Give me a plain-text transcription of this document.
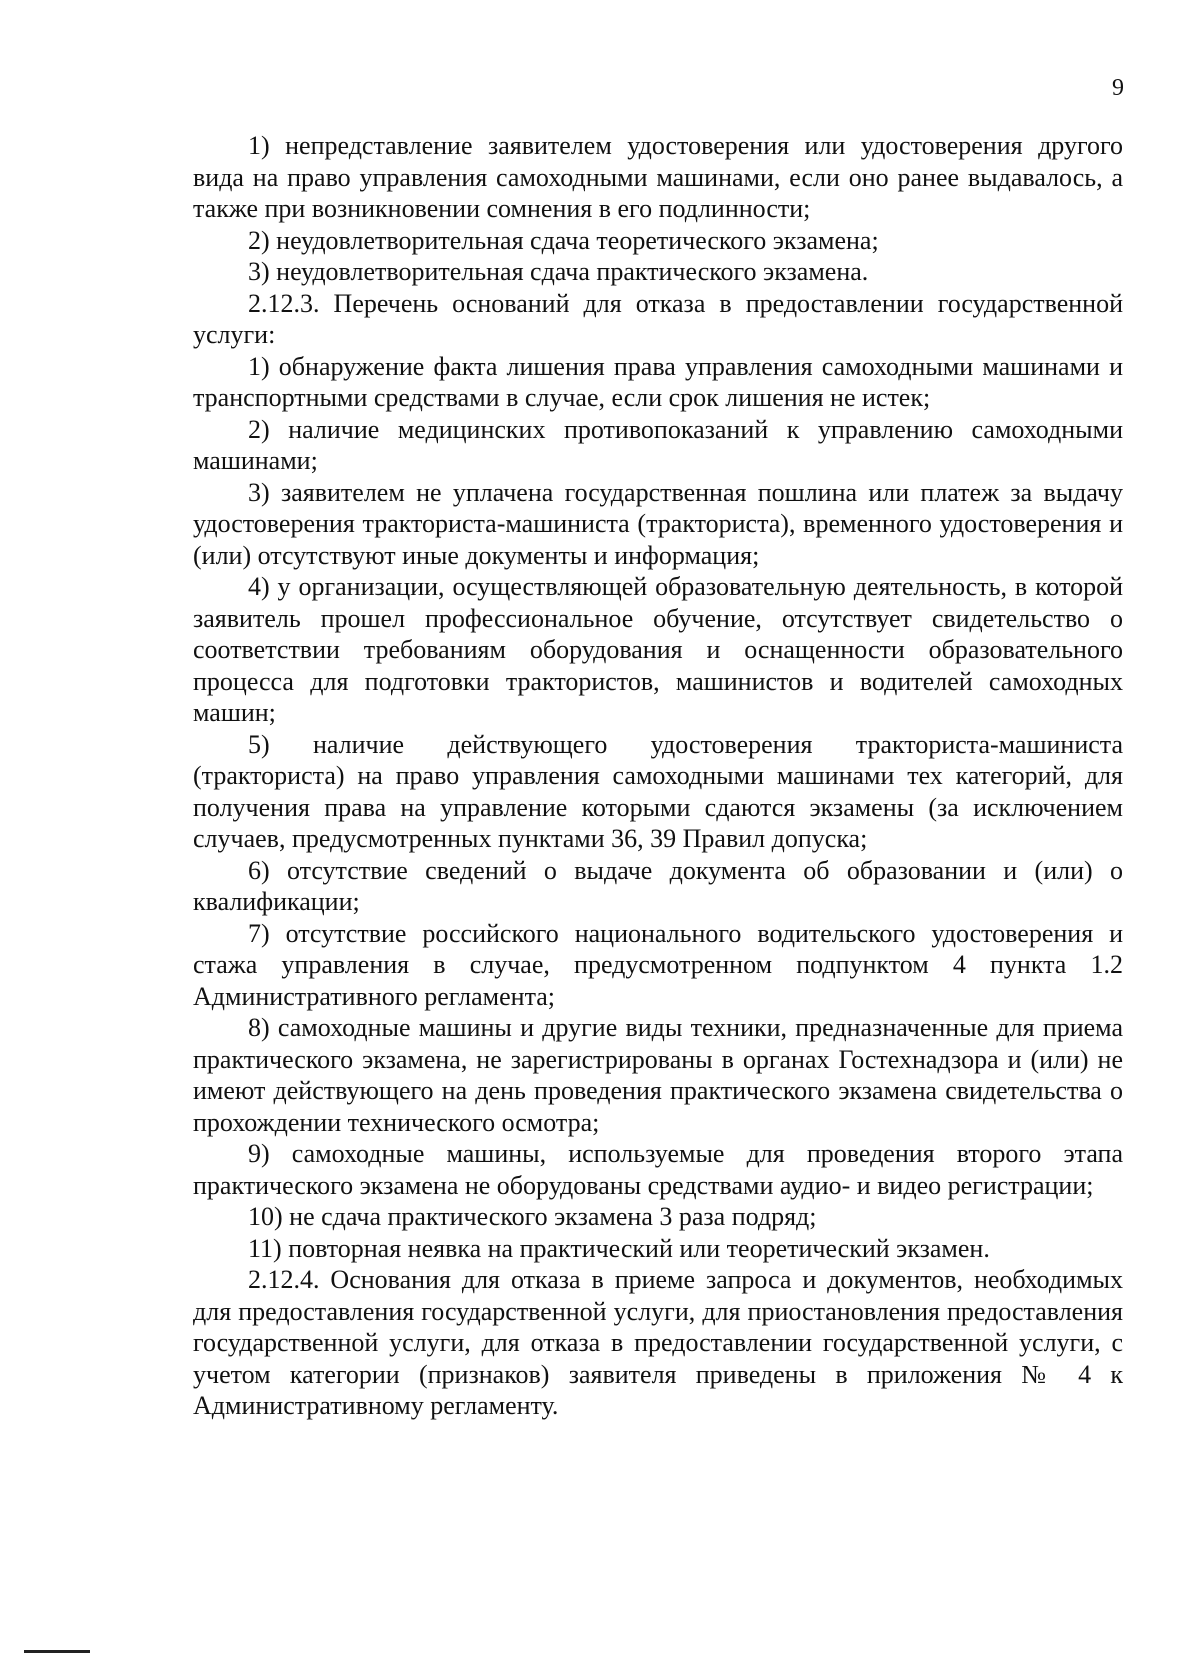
9

1) непредставление заявителем удостоверения или удостоверения другого вида на право управления самоходными машинами, если оно ранее выдавалось, а также при возникновении сомнения в его подлинности;

2) неудовлетворительная сдача теоретического экзамена;

3) неудовлетворительная сдача практического экзамена.

2.12.3. Перечень оснований для отказа в предоставлении государственной услуги:

1) обнаружение факта лишения права управления самоходными машинами и транспортными средствами в случае, если срок лишения не истек;

2) наличие медицинских противопоказаний к управлению самоходными машинами;

3) заявителем не уплачена государственная пошлина или платеж за выдачу удостоверения тракториста-машиниста (тракториста), временного удостоверения и (или) отсутствуют иные документы и информация;

4) у организации, осуществляющей образовательную деятельность, в которой заявитель прошел профессиональное обучение, отсутствует свидетельство о соответствии требованиям оборудования и оснащенности образовательного процесса для подготовки трактористов, машинистов и водителей самоходных машин;

5) наличие действующего удостоверения тракториста-машиниста (тракториста) на право управления самоходными машинами тех категорий, для получения права на управление которыми сдаются экзамены (за исключением случаев, предусмотренных пунктами 36, 39 Правил допуска;

6) отсутствие сведений о выдаче документа об образовании и (или) о квалификации;

7) отсутствие российского национального водительского удостоверения и стажа управления в случае, предусмотренном подпунктом 4 пункта 1.2 Административного регламента;

8) самоходные машины и другие виды техники, предназначенные для приема практического экзамена, не зарегистрированы в органах Гостехнадзора и (или) не имеют действующего на день проведения практического экзамена свидетельства о прохождении технического осмотра;

9) самоходные машины, используемые для проведения второго этапа практического экзамена не оборудованы средствами аудио- и видео регистрации;

10) не сдача практического экзамена 3 раза подряд;

11) повторная неявка на практический или теоретический экзамен.

2.12.4. Основания для отказа в приеме запроса и документов, необходимых для предоставления государственной услуги, для приостановления предоставления государственной услуги, для отказа в предоставлении государственной услуги, с учетом категории (признаков) заявителя приведены в приложения № 4 к Административному регламенту.
